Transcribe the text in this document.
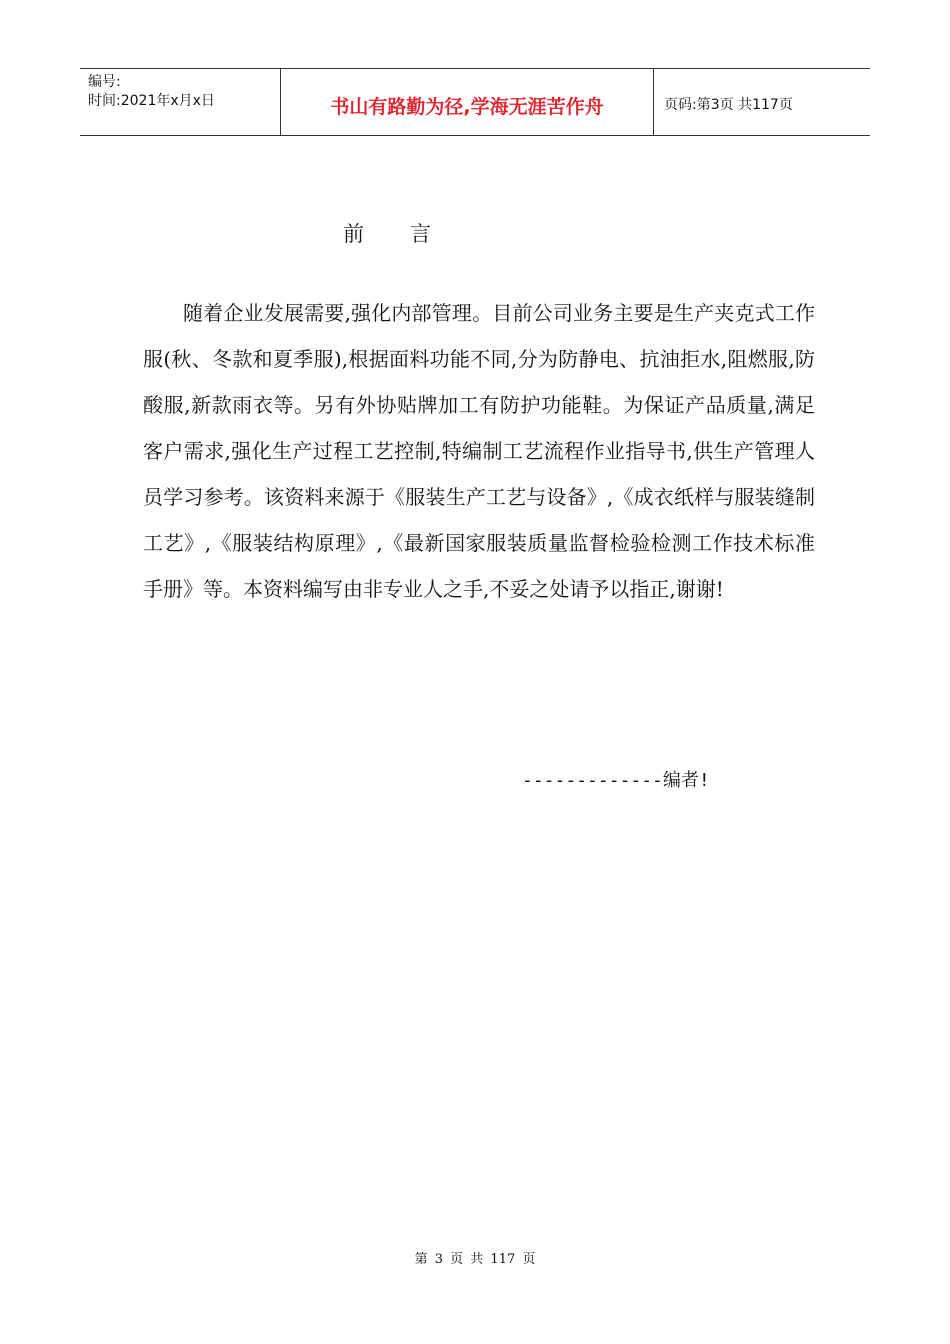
编号:
时间:2021年x月x日	书山有路勤为径,学海无涯苦作舟	页码:第3页 共117页
前言

随着企业发展需要,强化内部管理。目前公司业务主要是生产夹克式工作服(秋、冬款和夏季服),根据面料功能不同,分为防静电、抗油拒水,阻燃服,防酸服,新款雨衣等。另有外协贴牌加工有防护功能鞋。为保证产品质量,满足客户需求,强化生产过程工艺控制,特编制工艺流程作业指导书,供生产管理人员学习参考。该资料来源于《服装生产工艺与设备》,《成衣纸样与服装缝制工艺》,《服装结构原理》,《最新国家服装质量监督检验检测工作技术标准手册》等。本资料编写由非专业人之手,不妥之处请予以指正,谢谢!

-------------编者!
第 3 页 共 117 页
